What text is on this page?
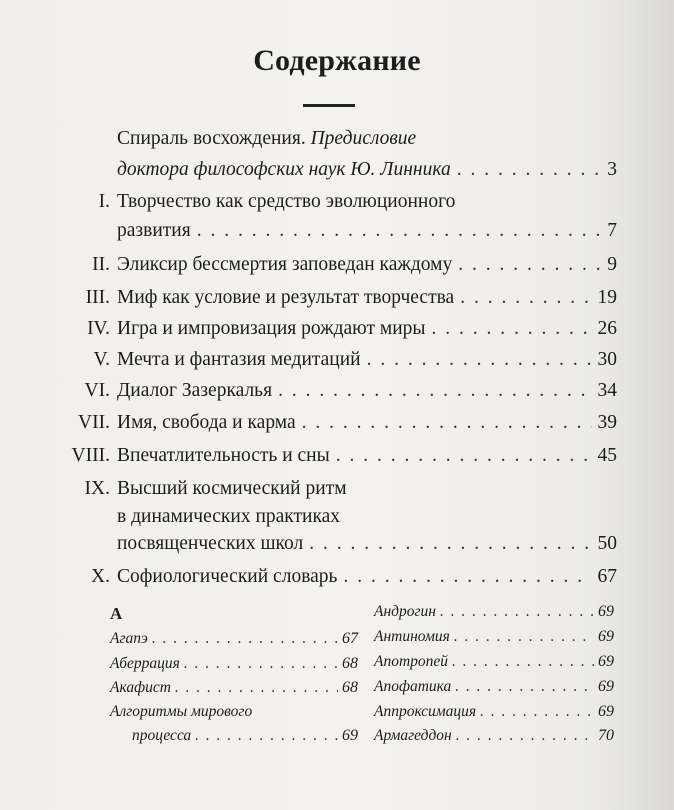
Содержание
Спираль восхождения.
Предисловие
доктора философских наук Ю. Линника . . .	3
I. Творчество как средство эволюционного
развития . . .	7
II. Эликсир бессмертия заповедан каждому . . .	9
III. Миф как условие и результат творчества . . .	19
IV. Игра и импровизация рождают миры . . .	26
V. Мечта и фантазия медитаций . . .	30
VI. Диалог Зазеркалья . . .	34
VII. Имя, свобода и карма . . .	39
VIII. Впечатлительность и сны . . .	45
IX. Высший космический ритм
в динамических практиках
посвященческих школ . . .	50
X. Софиологический словарь . . .	67
А
Агапэ . . .	67
Аберрация . . .	68
Акафист . . .	68
Алгоритмы мирового
процесса . . .	69
Андрогин . . .	69
Антиномия . . .	69
Апотропей . . .	69
Апофатика . . .	69
Аппроксимация . . .	69
Армагеддон . . .	70
